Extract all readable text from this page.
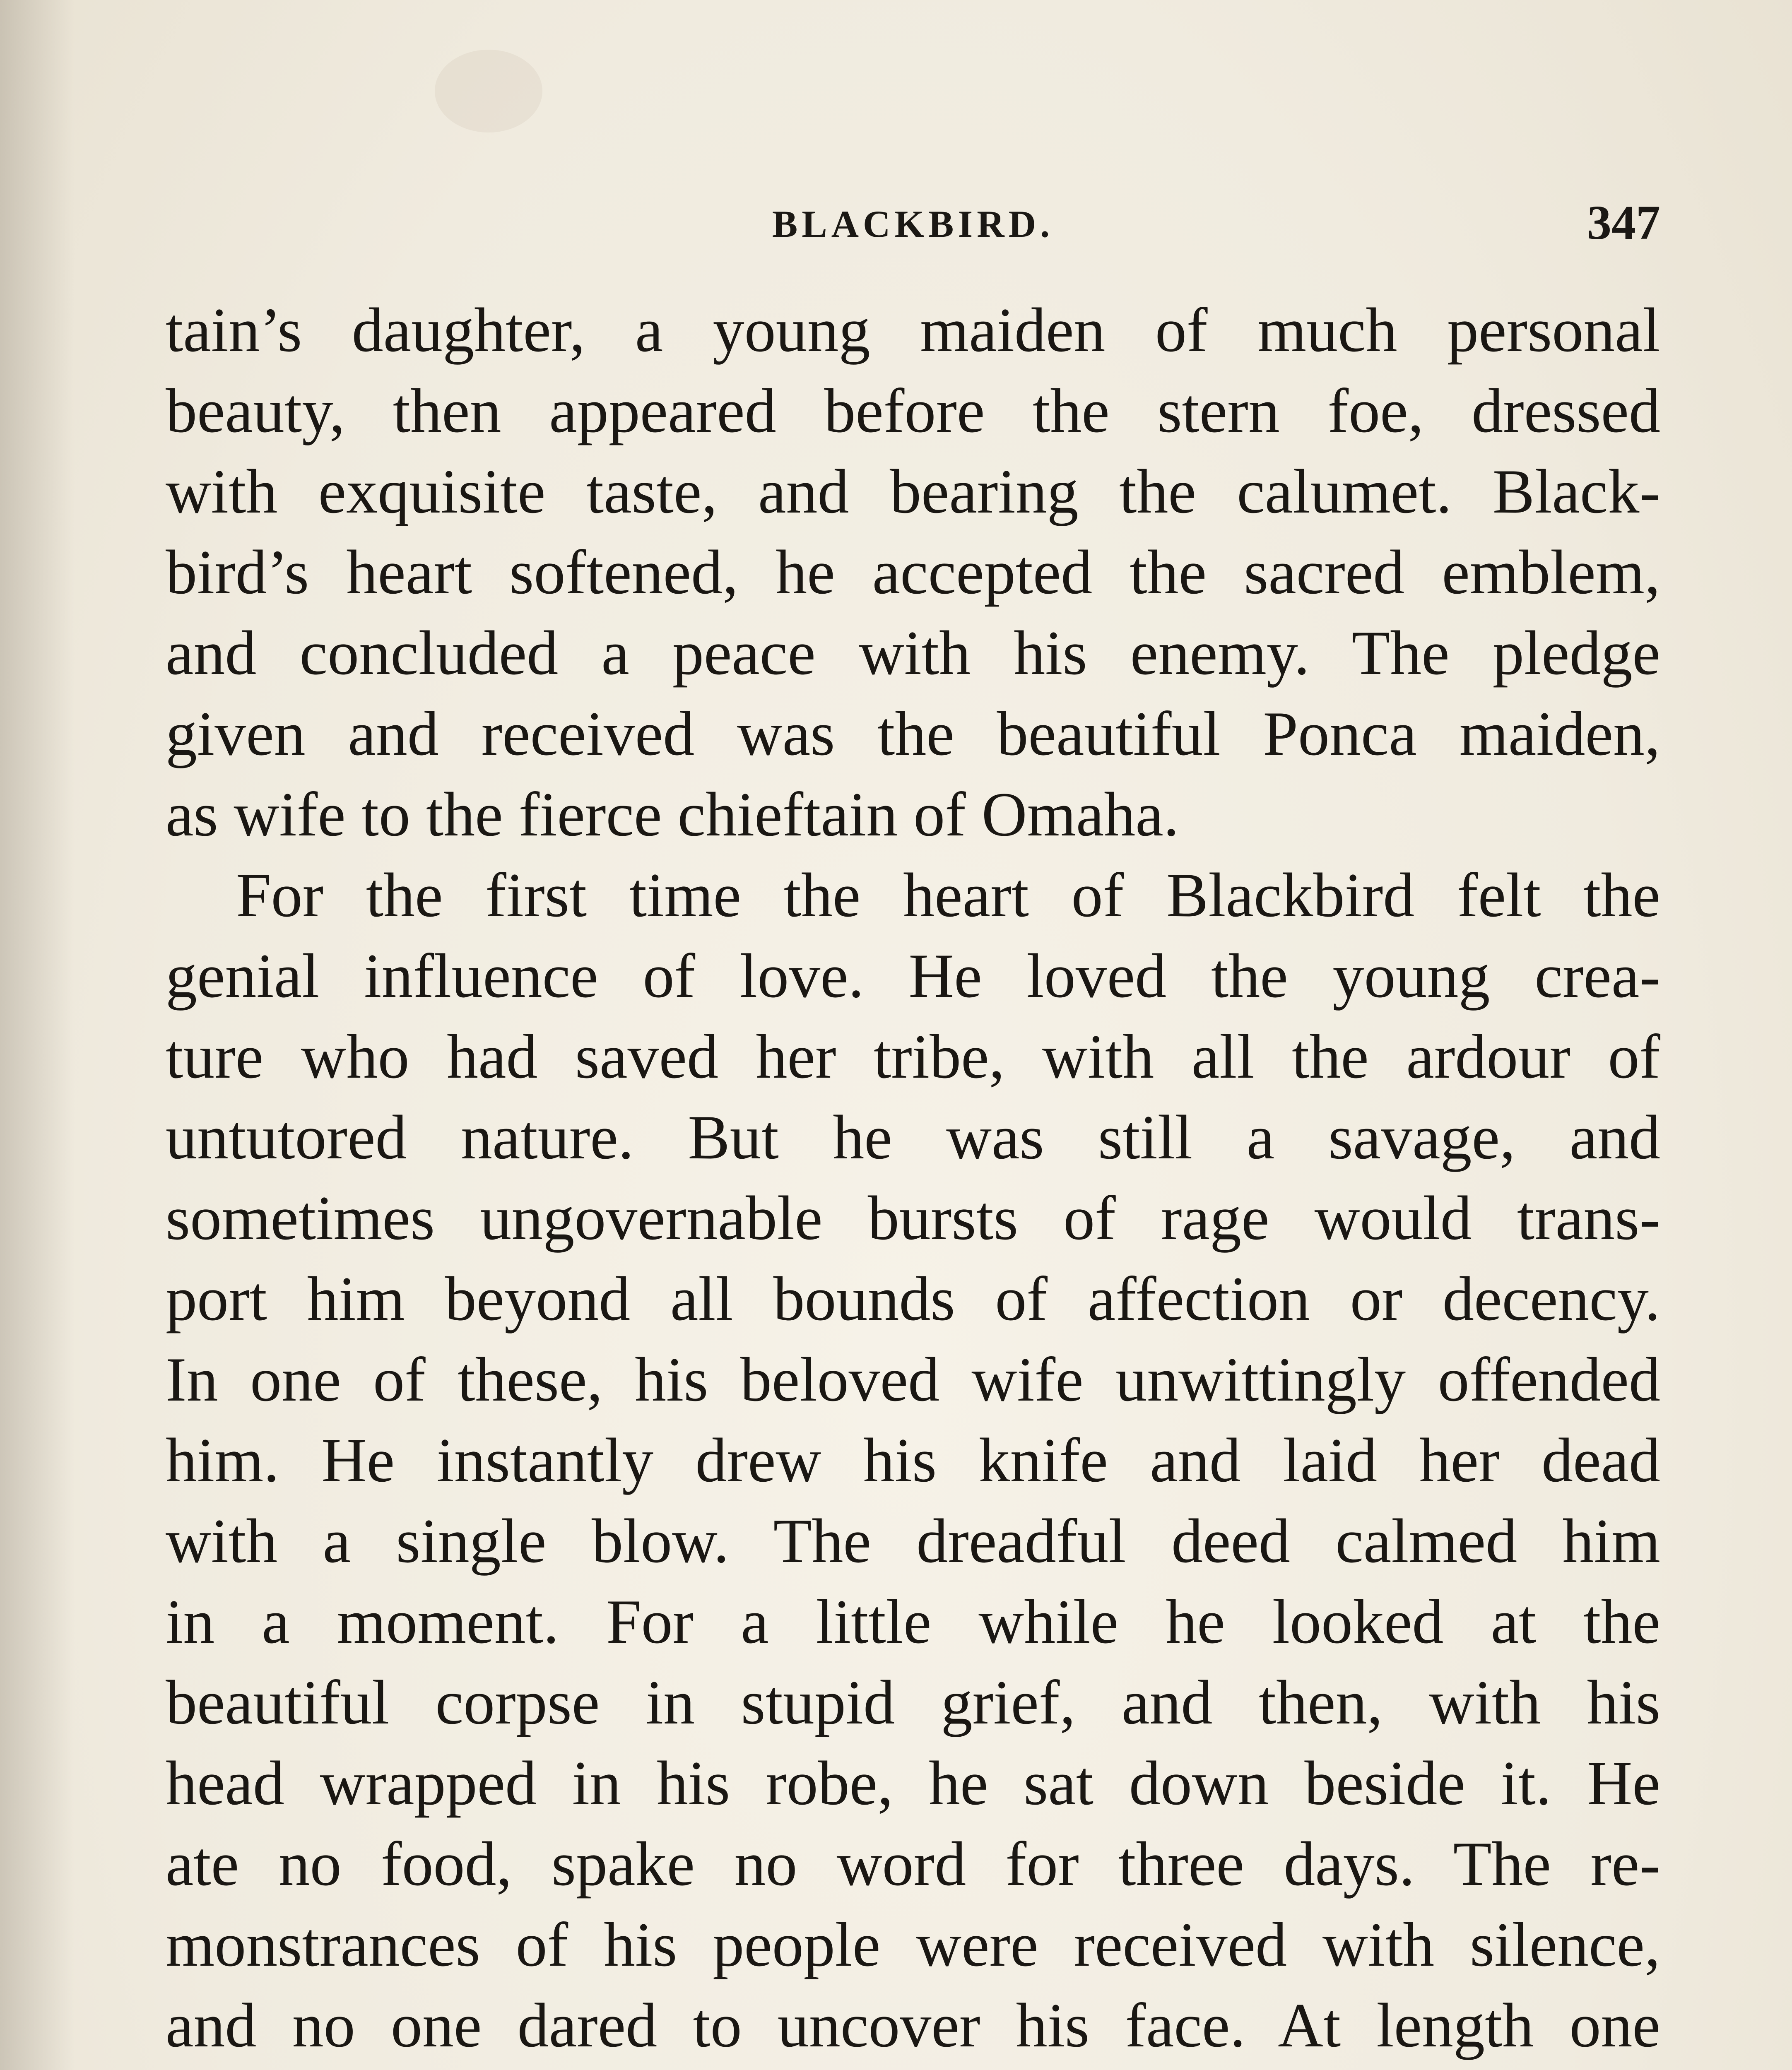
BLACKBIRD.	347
tain’s daughter, a young maiden of much personal
beauty, then appeared before the stern foe, dressed
with exquisite taste, and bearing the calumet. Black-
bird’s heart softened, he accepted the sacred emblem,
and concluded a peace with his enemy. The pledge
given and received was the beautiful Ponca maiden,
as wife to the fierce chieftain of Omaha.
For the first time the heart of Blackbird felt the
genial influence of love. He loved the young crea-
ture who had saved her tribe, with all the ardour of
untutored nature. But he was still a savage, and
sometimes ungovernable bursts of rage would trans-
port him beyond all bounds of affection or decency.
In one of these, his beloved wife unwittingly offended
him. He instantly drew his knife and laid her dead
with a single blow. The dreadful deed calmed him
in a moment. For a little while he looked at the
beautiful corpse in stupid grief, and then, with his
head wrapped in his robe, he sat down beside it. He
ate no food, spake no word for three days. The re-
monstrances of his people were received with silence,
and no one dared to uncover his face. At length one
